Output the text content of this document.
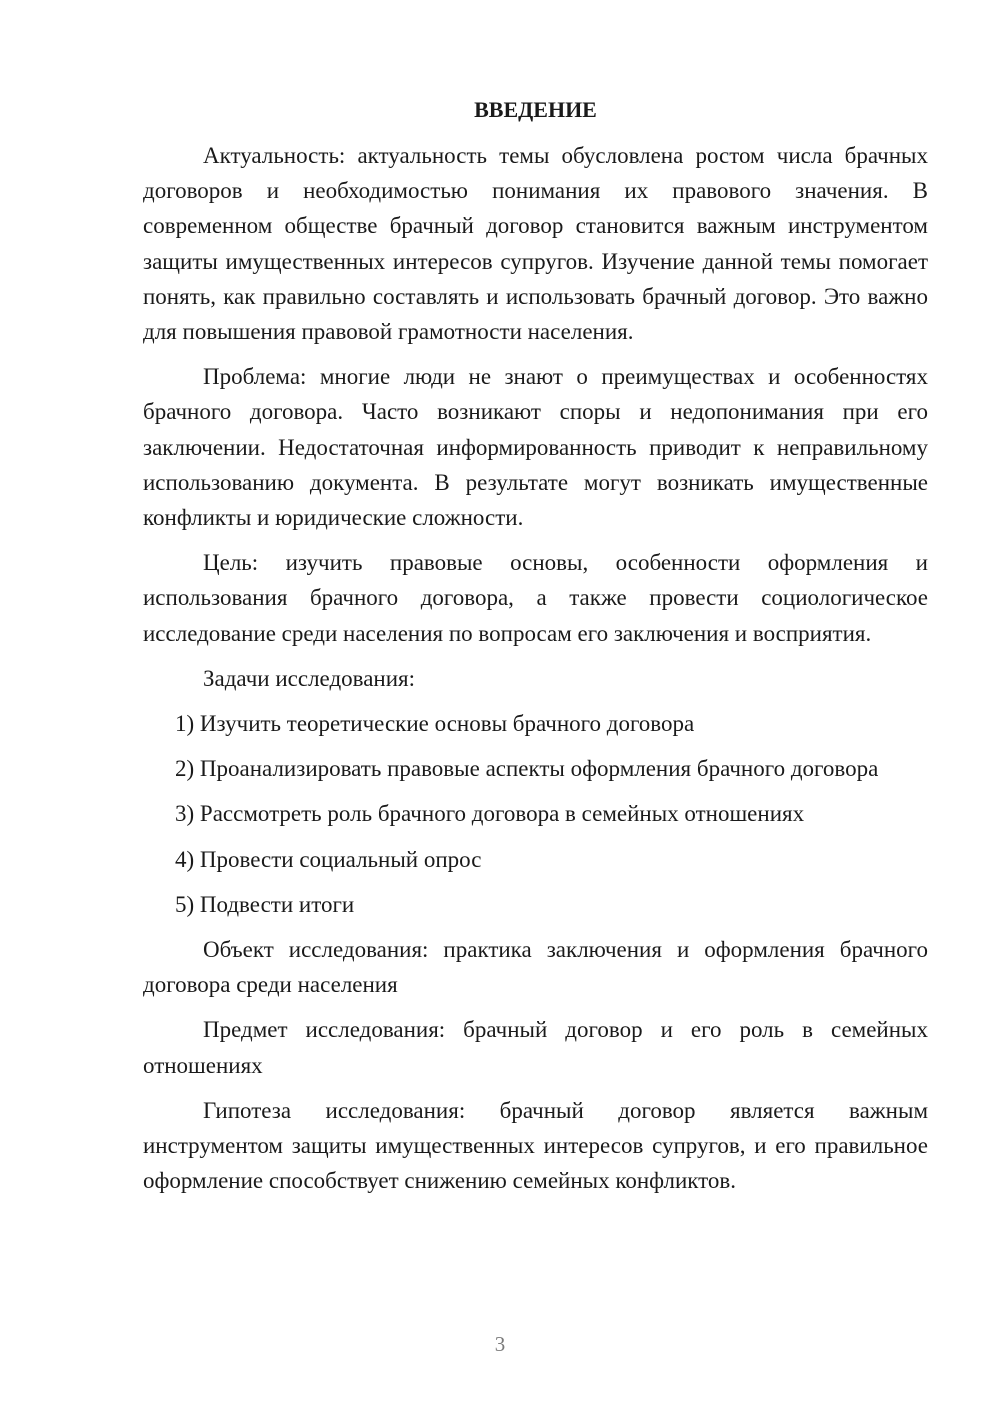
ВВЕДЕНИЕ

Актуальность: актуальность темы обусловлена ростом числа брачных договоров и необходимостью понимания их правового значения. В современном обществе брачный договор становится важным инструментом защиты имущественных интересов супругов. Изучение данной темы помогает понять, как правильно составлять и использовать брачный договор. Это важно для повышения правовой грамотности населения.

Проблема: многие люди не знают о преимуществах и особенностях брачного договора. Часто возникают споры и недопонимания при его заключении. Недостаточная информированность приводит к неправильному использованию документа. В результате могут возникать имущественные конфликты и юридические сложности.

Цель: изучить правовые основы, особенности оформления и использования брачного договора, а также провести социологическое исследование среди населения по вопросам его заключения и восприятия.

Задачи исследования:

1) Изучить теоретические основы брачного договора

2) Проанализировать правовые аспекты оформления брачного договора

3) Рассмотреть роль брачного договора в семейных отношениях

4) Провести социальный опрос

5) Подвести итоги

Объект исследования: практика заключения и оформления брачного договора среди населения

Предмет исследования: брачный договор и его роль в семейных отношениях

Гипотеза исследования: брачный договор является важным инструментом защиты имущественных интересов супругов, и его правильное оформление способствует снижению семейных конфликтов.

3
